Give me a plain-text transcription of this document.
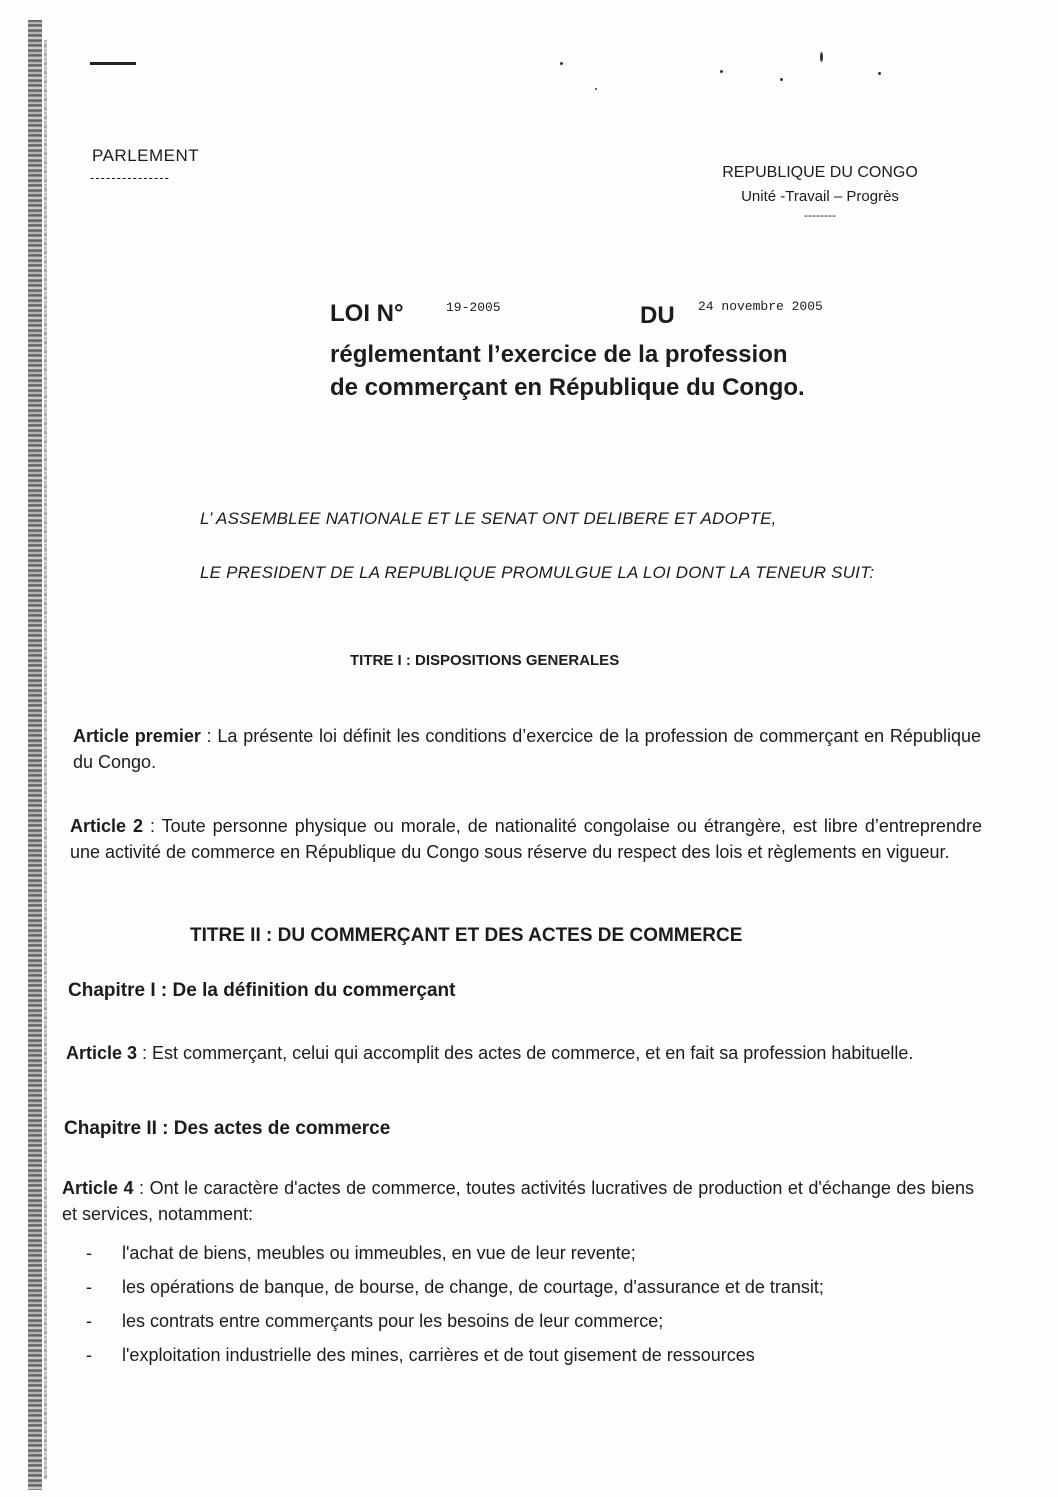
PARLEMENT
---------------	REPUBLIQUE DU CONGO
Unité -Travail – Progrès
--------
LOI N°	19-2005	DU 24 novembre 2005
réglementant l’exercice de la profession
de commerçant en République du Congo.
L’ ASSEMBLEE NATIONALE ET LE SENAT ONT DELIBERE ET ADOPTE,
LE PRESIDENT DE LA REPUBLIQUE PROMULGUE LA LOI DONT LA TENEUR SUIT:
TITRE I : DISPOSITIONS GENERALES
Article premier : La présente loi définit les conditions d’exercice de la profession de commerçant en République du Congo.
Article 2 : Toute personne physique ou morale, de nationalité congolaise ou étrangère, est libre d’entreprendre une activité de commerce en République du Congo sous réserve du respect des lois et règlements en vigueur.
TITRE II : DU COMMERÇANT ET DES ACTES DE COMMERCE
Chapitre I : De la définition du commerçant
Article 3 : Est commerçant, celui qui accomplit des actes de commerce, et en fait sa profession habituelle.
Chapitre II : Des actes de commerce
Article 4 : Ont le caractère d'actes de commerce, toutes activités lucratives de production et d'échange des biens et services, notamment:
- l'achat de biens, meubles ou immeubles, en vue de leur revente;
- les opérations de banque, de bourse, de change, de courtage, d'assurance et de transit;
- les contrats entre commerçants pour les besoins de leur commerce;
- l'exploitation industrielle des mines, carrières et de tout gisement de ressources
